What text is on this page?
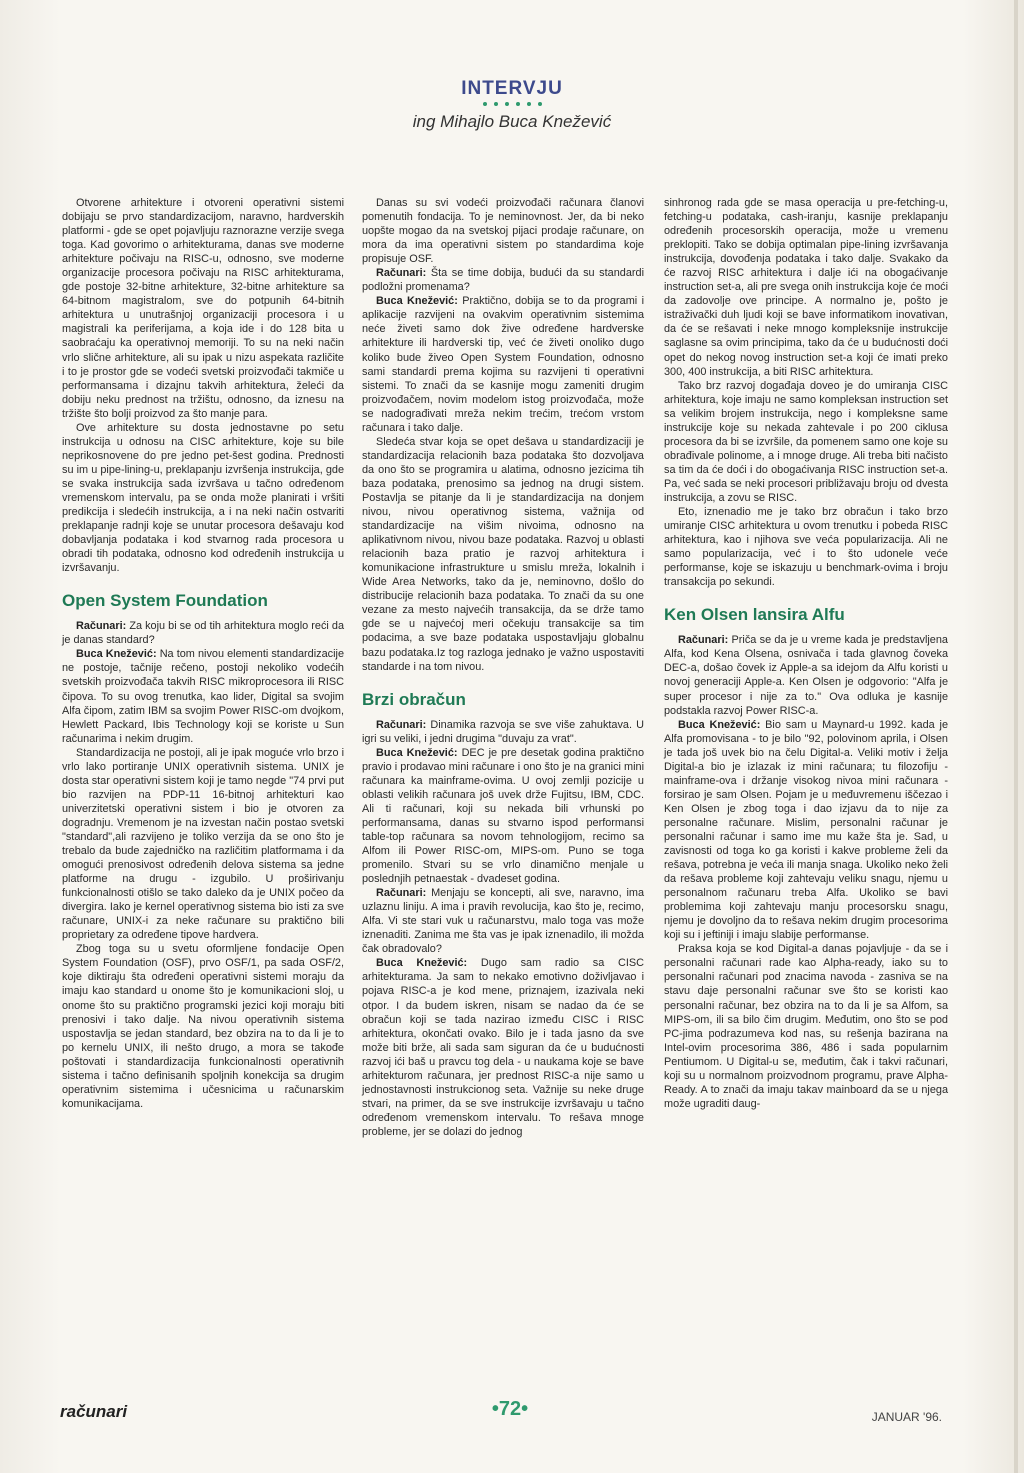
INTERVJU
ing Mihajlo Buca Knežević

Otvorene arhitekture i otvoreni operativni sistemi dobijaju se prvo standardizacijom, naravno, hardverskih platformi - gde se opet pojavljuju raznorazne verzije svega toga. Kad govorimo o arhitekturama, danas sve moderne arhitekture počivaju na RISC-u, odnosno, sve moderne organizacije procesora počivaju na RISC arhitekturama, gde postoje 32-bitne arhitekture, 32-bitne arhitekture sa 64-bitnom magistralom, sve do potpunih 64-bitnih arhitektura u unutrašnjoj organizaciji procesora i u magistrali ka periferijama, a koja ide i do 128 bita u saobraćaju ka operativnoj memoriji. To su na neki način vrlo slične arhitekture, ali su ipak u nizu aspekata različite i to je prostor gde se vodeći svetski proizvođači takmiče u performansama i dizajnu takvih arhitektura, želeći da dobiju neku prednost na tržištu, odnosno, da iznesu na tržište što bolji proizvod za što manje para.

Ove arhitekture su dosta jednostavne po setu instrukcija u odnosu na CISC arhitekture, koje su bile neprikosnovene do pre jedno pet-šest godina. Prednosti su im u pipe-lining-u, preklapanju izvršenja instrukcija, gde se svaka instrukcija sada izvršava u tačno određenom vremenskom intervalu, pa se onda može planirati i vršiti predikcija i sledećih instrukcija, a i na neki način ostvariti preklapanje radnji koje se unutar procesora dešavaju kod dobavljanja podataka i kod stvarnog rada procesora u obradi tih podataka, odnosno kod određenih instrukcija u izvršavanju.

Open System Foundation

Računari: Za koju bi se od tih arhitektura moglo reći da je danas standard?

Buca Knežević: Na tom nivou elementi standardizacije ne postoje, tačnije rečeno, postoji nekoliko vodećih svetskih proizvođača takvih RISC mikroprocesora ili RISC čipova. To su ovog trenutka, kao lider, Digital sa svojim Alfa čipom, zatim IBM sa svojim Power RISC-om dvojkom, Hewlett Packard, Ibis Technology koji se koriste u Sun računarima i nekim drugim.

Standardizacija ne postoji, ali je ipak moguće vrlo brzo i vrlo lako portiranje UNIX operativnih sistema. UNIX je dosta star operativni sistem koji je tamo negde "74 prvi put bio razvijen na PDP-11 16-bitnoj arhitekturi kao univerzitetski operativni sistem i bio je otvoren za dogradnju. Vremenom je na izvestan način postao svetski "standard",ali razvijeno je toliko verzija da se ono što je trebalo da bude zajedničko na različitim platformama i da omogući prenosivost određenih delova sistema sa jedne platforme na drugu - izgubilo. U proširivanju funkcionalnosti otišlo se tako daleko da je UNIX počeo da divergira. Iako je kernel operativnog sistema bio isti za sve računare, UNIX-i za neke računare su praktično bili proprietary za određene tipove hardvera.

Zbog toga su u svetu oformljene fondacije Open System Foundation (OSF), prvo OSF/1, pa sada OSF/2, koje diktiraju šta određeni operativni sistemi moraju da imaju kao standard u onome što je komunikacioni sloj, u onome što su praktično programski jezici koji moraju biti prenosivi i tako dalje. Na nivou operativnih sistema uspostavlja se jedan standard, bez obzira na to da li je to po kernelu UNIX, ili nešto drugo, a mora se takođe poštovati i standardizacija funkcionalnosti operativnih sistema i tačno definisanih spoljnih konekcija sa drugim operativnim sistemima i učesnicima u računarskim komunikacijama.

Danas su svi vodeći proizvođači računara članovi pomenutih fondacija. To je neminovnost. Jer, da bi neko uopšte mogao da na svetskoj pijaci prodaje računare, on mora da ima operativni sistem po standardima koje propisuje OSF.

Računari: Šta se time dobija, budući da su standardi podložni promenama?

Buca Knežević: Praktično, dobija se to da programi i aplikacije razvijeni na ovakvim operativnim sistemima neće živeti samo dok žive određene hardverske arhitekture ili hardverski tip, već će živeti onoliko dugo koliko bude živeo Open System Foundation, odnosno sami standardi prema kojima su razvijeni ti operativni sistemi. To znači da se kasnije mogu zameniti drugim proizvođačem, novim modelom istog proizvođača, može se nadograđivati mreža nekim trećim, trećom vrstom računara i tako dalje.

Sledeća stvar koja se opet dešava u standardizaciji je standardizacija relacionih baza podataka što dozvoljava da ono što se programira u alatima, odnosno jezicima tih baza podataka, prenosimo sa jednog na drugi sistem. Postavlja se pitanje da li je standardizacija na donjem nivou, nivou operativnog sistema, važnija od standardizacije na višim nivoima, odnosno na aplikativnom nivou, nivou baze podataka. Razvoj u oblasti relacionih baza pratio je razvoj arhitektura i komunikacione infrastrukture u smislu mreža, lokalnih i Wide Area Networks, tako da je, neminovno, došlo do distribucije relacionih baza podataka. To znači da su one vezane za mesto najvećih transakcija, da se drže tamo gde se u najvećoj meri očekuju transakcije sa tim podacima, a sve baze podataka uspostavljaju globalnu bazu podataka.Iz tog razloga jednako je važno uspostaviti standarde i na tom nivou.

Brzi obračun

Računari: Dinamika razvoja se sve više zahuktava. U igri su veliki, i jedni drugima "duvaju za vrat".

Buca Knežević: DEC je pre desetak godina praktično pravio i prodavao mini računare i ono što je na granici mini računara ka mainframe-ovima. U ovoj zemlji pozicije u oblasti velikih računara još uvek drže Fujitsu, IBM, CDC. Ali ti računari, koji su nekada bili vrhunski po performansama, danas su stvarno ispod performansi table-top računara sa novom tehnologijom, recimo sa Alfom ili Power RISC-om, MIPS-om. Puno se toga promenilo. Stvari su se vrlo dinamično menjale u poslednjih petnaestak - dvadeset godina.

Računari: Menjaju se koncepti, ali sve, naravno, ima uzlaznu liniju. A ima i pravih revolucija, kao što je, recimo, Alfa. Vi ste stari vuk u računarstvu, malo toga vas može iznenaditi. Zanima me šta vas je ipak iznenadilo, ili možda čak obradovalo?

Buca Knežević: Dugo sam radio sa CISC arhitekturama. Ja sam to nekako emotivno doživljavao i pojava RISC-a je kod mene, priznajem, izazivala neki otpor. I da budem iskren, nisam se nadao da će se obračun koji se tada nazirao između CISC i RISC arhitektura, okončati ovako. Bilo je i tada jasno da sve može biti brže, ali sada sam siguran da će u budućnosti razvoj ići baš u pravcu tog dela - u naukama koje se bave arhitekturom računara, jer prednost RISC-a nije samo u jednostavnosti instrukcionog seta. Važnije su neke druge stvari, na primer, da se sve instrukcije izvršavaju u tačno određenom vremenskom intervalu. To rešava mnoge probleme, jer se dolazi do jednog

sinhronog rada gde se masa operacija u pre-fetching-u, fetching-u podataka, cash-iranju, kasnije preklapanju određenih procesorskih operacija, može u vremenu preklopiti. Tako se dobija optimalan pipe-lining izvršavanja instrukcija, dovođenja podataka i tako dalje. Svakako da će razvoj RISC arhitektura i dalje ići na obogaćivanje instruction set-a, ali pre svega onih instrukcija koje će moći da zadovolje ove principe. A normalno je, pošto je istraživački duh ljudi koji se bave informatikom inovativan, da će se rešavati i neke mnogo kompleksnije instrukcije saglasne sa ovim principima, tako da će u budućnosti doći opet do nekog novog instruction set-a koji će imati preko 300, 400 instrukcija, a biti RISC arhitektura.

Tako brz razvoj događaja doveo je do umiranja CISC arhitektura, koje imaju ne samo kompleksan instruction set sa velikim brojem instrukcija, nego i kompleksne same instrukcije koje su nekada zahtevale i po 200 ciklusa procesora da bi se izvršile, da pomenem samo one koje su obrađivale polinome, a i mnoge druge. Ali treba biti načisto sa tim da će doći i do obogaćivanja RISC instruction set-a. Pa, već sada se neki procesori približavaju broju od dvesta instrukcija, a zovu se RISC.

Eto, iznenadio me je tako brz obračun i tako brzo umiranje CISC arhitektura u ovom trenutku i pobeda RISC arhitektura, kao i njihova sve veća popularizacija. Ali ne samo popularizacija, već i to što udonele veće performanse, koje se iskazuju u benchmark-ovima i broju transakcija po sekundi.

Ken Olsen lansira Alfu

Računari: Priča se da je u vreme kada je predstavljena Alfa, kod Kena Olsena, osnivača i tada glavnog čoveka DEC-a, došao čovek iz Apple-a sa idejom da Alfu koristi u novoj generaciji Apple-a. Ken Olsen je odgovorio: "Alfa je super procesor i nije za to." Ova odluka je kasnije podstakla razvoj Power RISC-a.

Buca Knežević: Bio sam u Maynard-u 1992. kada je Alfa promovisana - to je bilo "92, polovinom aprila, i Olsen je tada još uvek bio na čelu Digital-a. Veliki motiv i želja Digital-a bio je izlazak iz mini računara; tu filozofiju - mainframe-ova i držanje visokog nivoa mini računara - forsirao je sam Olsen. Pojam je u međuvremenu iščezao i Ken Olsen je zbog toga i dao izjavu da to nije za personalne računare. Mislim, personalni računar je personalni računar i samo ime mu kaže šta je. Sad, u zavisnosti od toga ko ga koristi i kakve probleme želi da rešava, potrebna je veća ili manja snaga. Ukoliko neko želi da rešava probleme koji zahtevaju veliku snagu, njemu u personalnom računaru treba Alfa. Ukoliko se bavi problemima koji zahtevaju manju procesorsku snagu, njemu je dovoljno da to rešava nekim drugim procesorima koji su i jeftiniji i imaju slabije performanse.

Praksa koja se kod Digital-a danas pojavljuje - da se i personalni računari rade kao Alpha-ready, iako su to personalni računari pod znacima navoda - zasniva se na stavu daje personalni računar sve što se koristi kao personalni računar, bez obzira na to da li je sa Alfom, sa MIPS-om, ili sa bilo čim drugim. Međutim, ono što se pod PC-jima podrazumeva kod nas, su rešenja bazirana na Intel-ovim procesorima 386, 486 i sada popularnim Pentiumom. U Digital-u se, međutim, čak i takvi računari, koji su u normalnom proizvodnom programu, prave Alpha-Ready. A to znači da imaju takav mainboard da se u njega može ugraditi daug-

računari	•72•	JANUAR '96.
